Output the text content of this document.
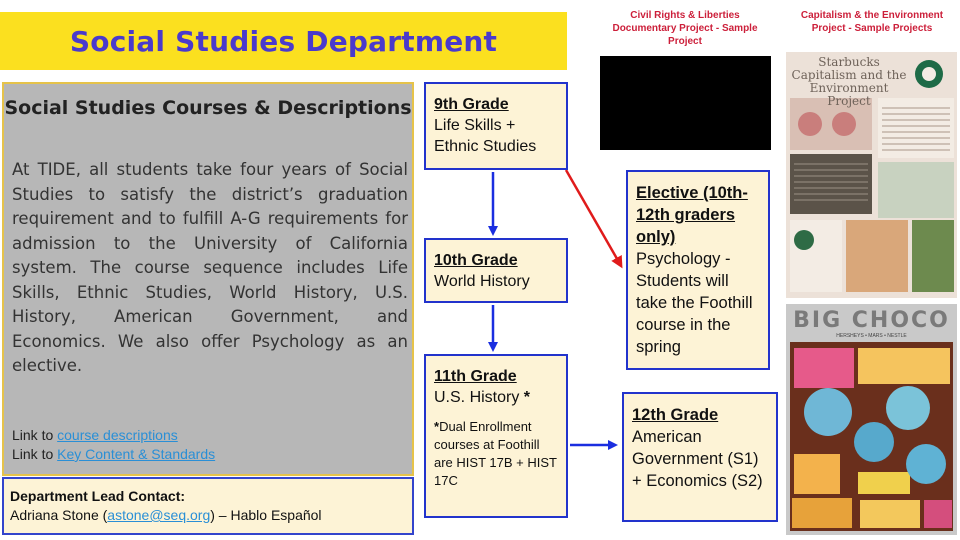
Social Studies Department
Social Studies Courses & Descriptions
At TIDE, all students take four years of Social Studies to satisfy the district’s graduation requirement and to fulfill A-G requirements for admission to the University of California system. The course sequence includes Life Skills, Ethnic Studies, World History, U.S. History, American Government, and Economics. We also offer Psychology as an elective.
Link to course descriptions
Link to Key Content & Standards
Department Lead Contact:
Adriana Stone (astone@seq.org) – Hablo Español
9th Grade
Life Skills +
Ethnic Studies
10th Grade
World History
11th Grade
U.S. History *
*Dual Enrollment courses at Foothill are HIST 17B + HIST 17C
Elective (10th-12th graders only)
Psychology - Students will take the Foothill course in the spring
12th Grade
American Government (S1) + Economics (S2)
Civil Rights & Liberties Documentary Project - Sample Project
Capitalism & the Environment Project - Sample Projects
Starbucks Capitalism and the Environment Project
BIG CHOCO
HERSHEYS • MARS • NESTLE
